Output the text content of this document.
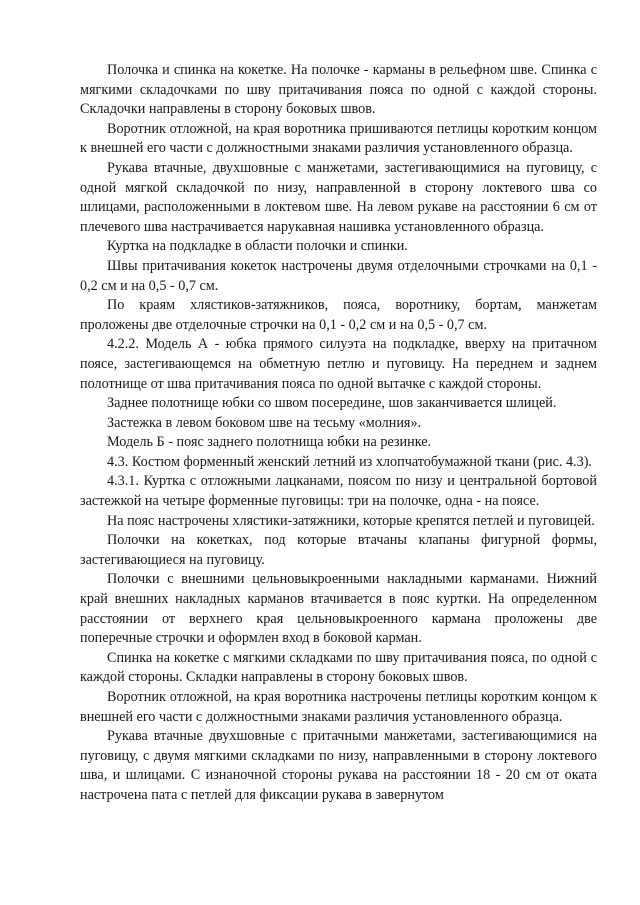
Полочка и спинка на кокетке. На полочке - карманы в рельефном шве. Спинка с мягкими складочками по шву притачивания пояса по одной с каждой стороны. Складочки направлены в сторону боковых швов.

Воротник отложной, на края воротника пришиваются петлицы коротким концом к внешней его части с должностными знаками различия установленного образца.

Рукава втачные, двухшовные с манжетами, застегивающимися на пуговицу, с одной мягкой складочкой по низу, направленной в сторону локтевого шва со шлицами, расположенными в локтевом шве. На левом рукаве на расстоянии 6 см от плечевого шва настрачивается нарукавная нашивка установленного образца.

Куртка на подкладке в области полочки и спинки.

Швы притачивания кокеток настрочены двумя отделочными строчками на 0,1 - 0,2 см и на 0,5 - 0,7 см.

По краям хлястиков-затяжников, пояса, воротнику, бортам, манжетам проложены две отделочные строчки на 0,1 - 0,2 см и на 0,5 - 0,7 см.

4.2.2. Модель А - юбка прямого силуэта на подкладке, вверху на притачном поясе, застегивающемся на обметную петлю и пуговицу. На переднем и заднем полотнище от шва притачивания пояса по одной вытачке с каждой стороны.

Заднее полотнище юбки со швом посередине, шов заканчивается шлицей.

Застежка в левом боковом шве на тесьму «молния».

Модель Б - пояс заднего полотнища юбки на резинке.

4.3. Костюм форменный женский летний из хлопчатобумажной ткани (рис. 4.3).

4.3.1. Куртка с отложными лацканами, поясом по низу и центральной бортовой застежкой на четыре форменные пуговицы: три на полочке, одна - на поясе.

На пояс настрочены хлястики-затяжники, которые крепятся петлей и пуговицей.

Полочки на кокетках, под которые втачаны клапаны фигурной формы, застегивающиеся на пуговицу.

Полочки с внешними цельновыкроенными накладными карманами. Нижний край внешних накладных карманов втачивается в пояс куртки. На определенном расстоянии от верхнего края цельновыкроенного кармана проложены две поперечные строчки и оформлен вход в боковой карман.

Спинка на кокетке с мягкими складками по шву притачивания пояса, по одной с каждой стороны. Складки направлены в сторону боковых швов.

Воротник отложной, на края воротника настрочены петлицы коротким концом к внешней его части с должностными знаками различия установленного образца.

Рукава втачные двухшовные с притачными манжетами, застегивающимися на пуговицу, с двумя мягкими складками по низу, направленными в сторону локтевого шва, и шлицами. С изнаночной стороны рукава на расстоянии 18 - 20 см от оката настрочена пата с петлей для фиксации рукава в завернутом
